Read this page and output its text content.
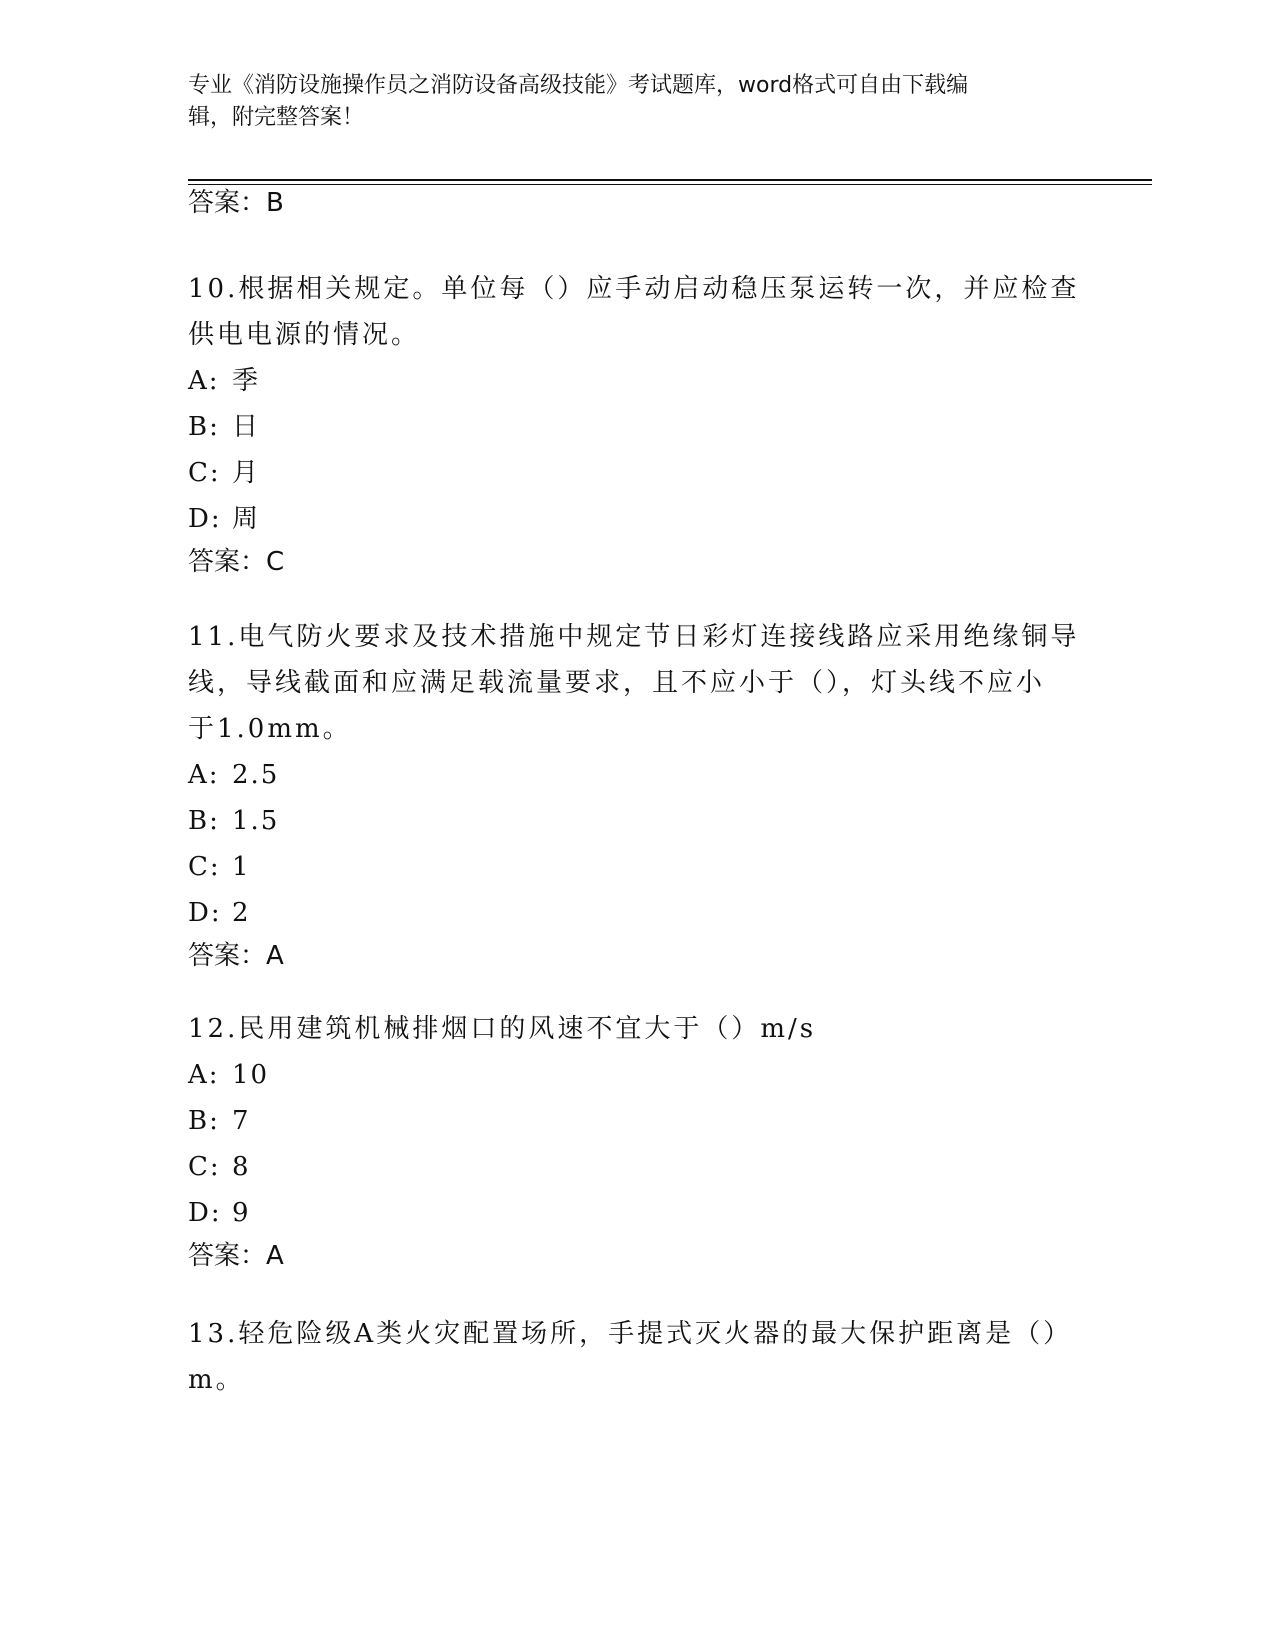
专业《消防设施操作员之消防设备高级技能》考试题库，word格式可自由下载编
辑，附完整答案！
答案：B
10.根据相关规定。单位每（）应手动启动稳压泵运转一次，并应检查
供电电源的情况。
A: 季
B: 日
C: 月
D: 周
答案：C
11.电气防火要求及技术措施中规定节日彩灯连接线路应采用绝缘铜导
线，导线截面和应满足载流量要求，且不应小于（），灯头线不应小
于1.0mm。
A: 2.5
B: 1.5
C: 1
D: 2
答案：A
12.民用建筑机械排烟口的风速不宜大于（）m/s
A: 10
B: 7
C: 8
D: 9
答案：A
13.轻危险级A类火灾配置场所，手提式灭火器的最大保护距离是（）
m。
